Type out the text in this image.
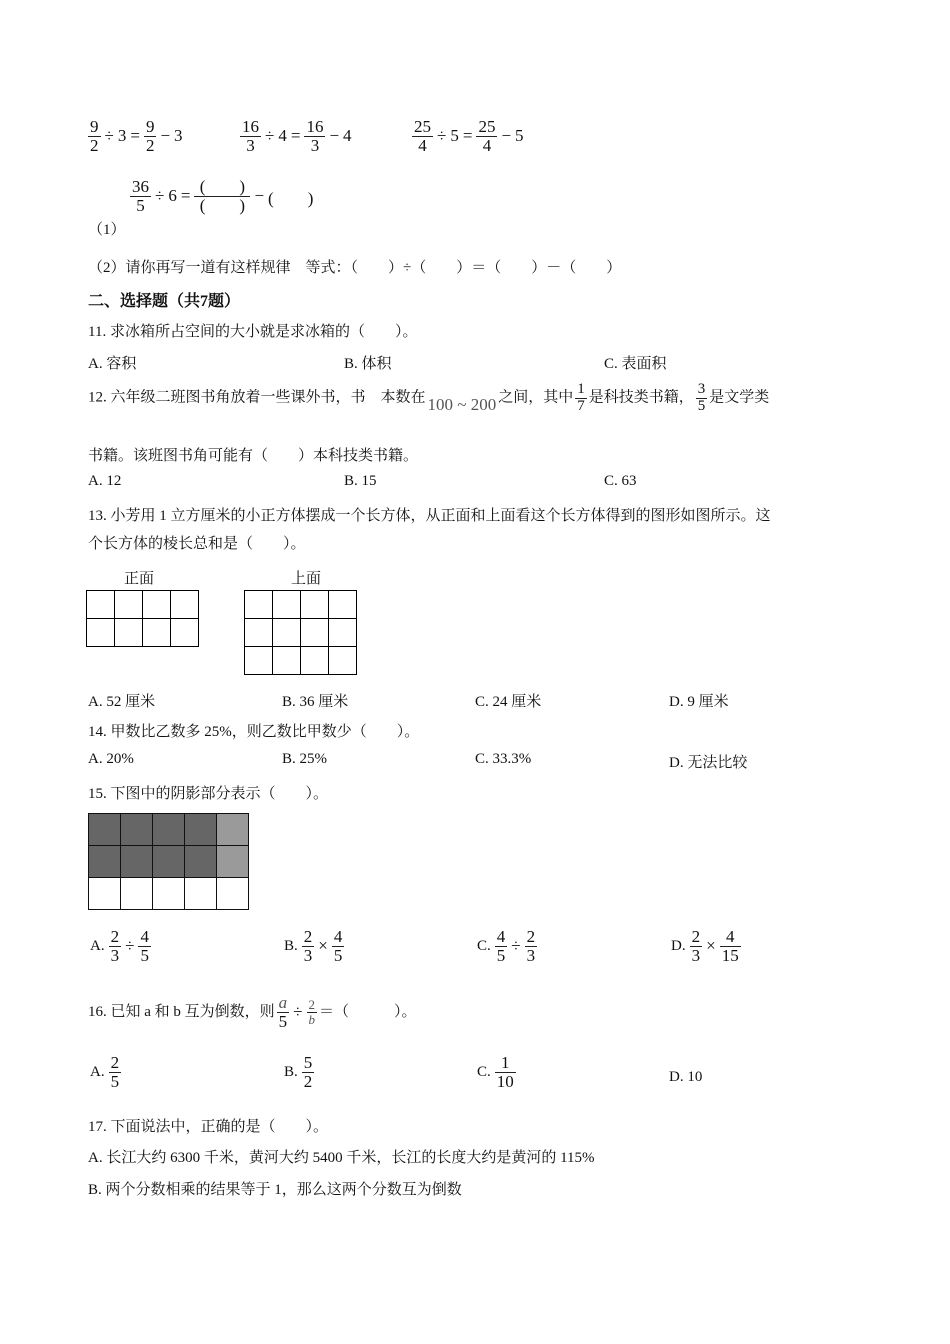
$\frac{9}{2} \div 3 = \frac{9}{2} - 3$	$\frac{16}{3} \div 4 = \frac{16}{3} - 4$	$\frac{25}{4} \div 5 = \frac{25}{4} - 5$
（1）
$\frac{36}{5} \div 6 = \frac{( )}{( )}$ − (　　)
（2）请你再写一道有这样规律　等式：（　　）÷（　　）＝（　　）－（　　）
二、选择题（共7题）
11. 求冰箱所占空间的大小就是求冰箱的（　　）。
A. 容积	B. 体积	C. 表面积
12. 六年级二班图书角放着一些课外书，书　本数在 100 ~ 200 之间，其中 $\frac{1}{7}$ 是科技类书籍， $\frac{3}{5}$ 是文学类
书籍。该班图书角可能有（　　）本科技类书籍。
A. 12	B. 15	C. 63
13. 小芳用 1 立方厘米的小正方体摆成一个长方体，从正面和上面看这个长方体得到的图形如图所示。这
个长方体的棱长总和是（　　）。
正面

				上面

A. 52 厘米	B. 36 厘米	C. 24 厘米	D. 9 厘米
14. 甲数比乙数多 25%，则乙数比甲数少（　　）。
A. 20%	B. 25%	C. 33.3%	D. 无法比较
15. 下图中的阴影部分表示（　　）。

A. $\frac{2}{3} \div \frac{4}{5}$	B. $\frac{2}{3} \times \frac{4}{5}$	C. $\frac{4}{5} \div \frac{2}{3}$	D. $\frac{2}{3} \times \frac{4}{15}$
16. 已知 a 和 b 互为倒数，则 $\frac{a}{5} \div \frac{2}{b}$ ＝（　　　）。
A. $\frac{2}{5}$	B. $\frac{5}{2}$	C. $\frac{1}{10}$	D. 10
17. 下面说法中，正确的是（　　）。
A. 长江大约 6300 千米，黄河大约 5400 千米，长江的长度大约是黄河的 115%
B. 两个分数相乘的结果等于 1，那么这两个分数互为倒数
